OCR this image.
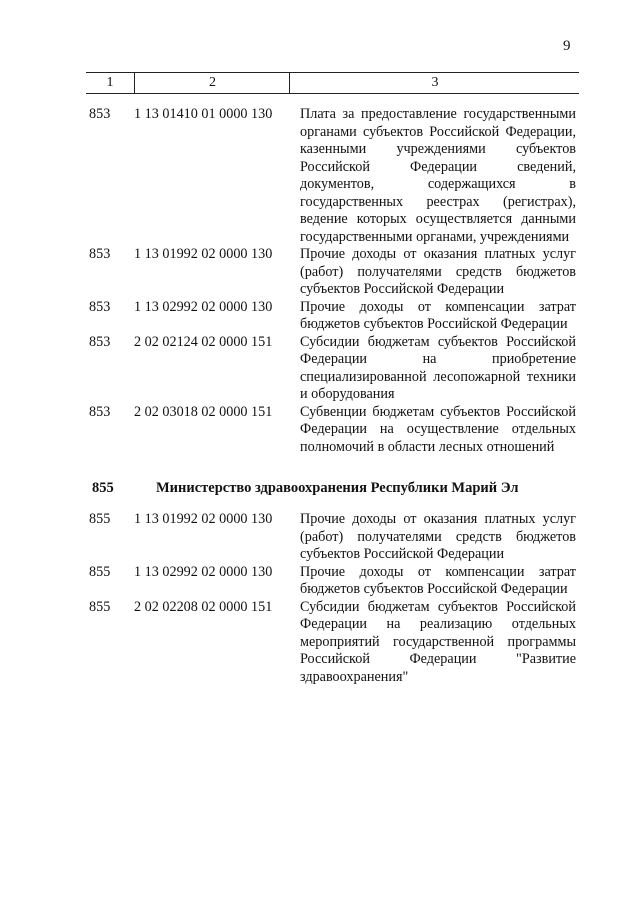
9
1	2	3
853	1 13 01410 01 0000 130	Плата за предоставление государственными органами субъектов Российской Федерации, казенными учреждениями субъектов Российской Федерации сведений, документов, содержащихся в государственных реестрах (регистрах), ведение которых осуществляется данными государственными органами, учреждениями
853	1 13 01992 02 0000 130	Прочие доходы от оказания платных услуг (работ) получателями средств бюджетов субъектов Российской Федерации
853	1 13 02992 02 0000 130	Прочие доходы от компенсации затрат бюджетов субъектов Российской Федерации
853	2 02 02124 02 0000 151	Субсидии бюджетам субъектов Российской Федерации на приобретение специализированной лесопожарной техники и оборудования
853	2 02 03018 02 0000 151	Субвенции бюджетам субъектов Российской Федерации на осуществление отдельных полномочий в области лесных отношений
855	Министерство здравоохранения Республики Марий Эл
855	1 13 01992 02 0000 130	Прочие доходы от оказания платных услуг (работ) получателями средств бюджетов субъектов Российской Федерации
855	1 13 02992 02 0000 130	Прочие доходы от компенсации затрат бюджетов субъектов Российской Федерации
855	2 02 02208 02 0000 151	Субсидии бюджетам субъектов Российской Федерации на реализацию отдельных мероприятий государственной программы Российской Федерации "Развитие здравоохранения"
